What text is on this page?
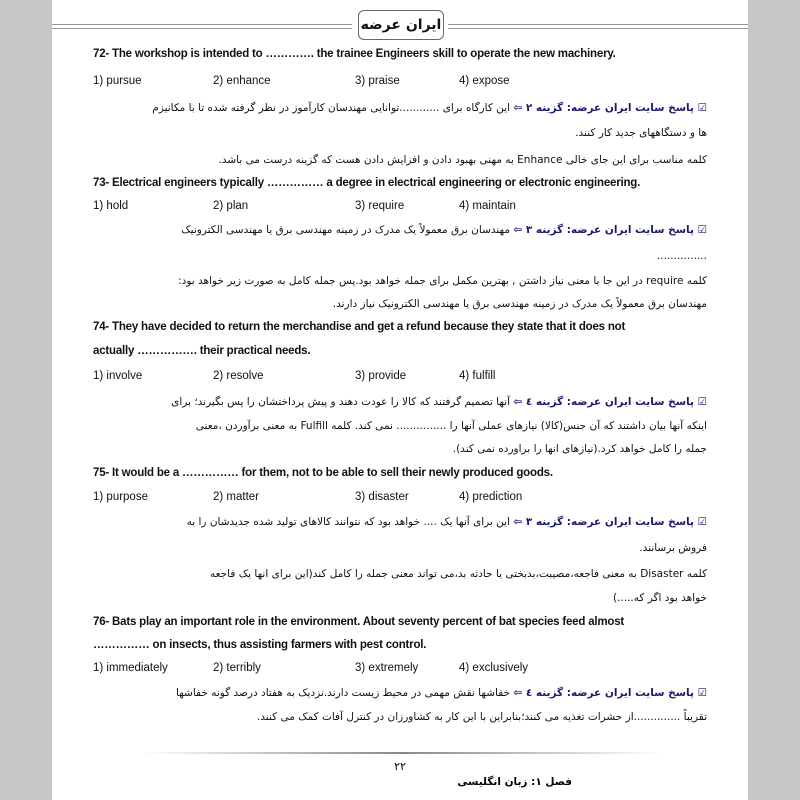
ایران عرضه
72- The workshop is intended to …………. the trainee Engineers skill to operate the new machinery.
1) pursue	2) enhance	3) praise	4) expose
☑ پاسخ سایت ایران عرضه: گزینه ۲ ⇦ این کارگاه برای ............توانایی مهندسان کارآموز در نظر گرفته شده تا با مکانیزم
ها و دستگاههای جدید کار کنند.
کلمه مناسب برای این جای خالی Enhance به مهنی بهبود دادن و افزایش دادن هست که گزینه درست می باشد.
73- Electrical engineers typically …………… a degree in electrical engineering or electronic engineering.
1) hold	2) plan	3) require	4) maintain
☑ پاسخ سایت ایران عرضه: گزینه ۳ ⇦ مهندسان برق معمولاً یک مدرک در زمینه مهندسی برق یا مهندسی الکترونیک
...............
کلمه require در این جا با معنی نیاز داشتن , بهترین مکمل برای جمله خواهد بود.پس جمله کامل به صورت زیر خواهد بود:
مهندسان برق معمولاً یک مدرک در زمینه مهندسی برق یا مهندسی الکترونیک نیاز دارند.
74- They have decided to return the merchandise and get a refund because they state that it does not
actually ……………. their practical needs.
1) involve	2) resolve	3) provide	4) fulfill
☑ پاسخ سایت ایران عرضه: گزینه ٤ ⇦ آنها تصمیم گرفتند که کالا را عودت دهند و پیش پرداختشان را پس بگیرند؛ برای
اینکه آنها بیان داشتند که آن جنس(کالا) نیازهای عملی آنها را ............... نمی کند. کلمه Fulfill به معنی برآوردن ،معنی
جمله را کامل خواهد کرد.(نیازهای انها را براورده نمی کند).
75- It would be a …………… for them, not to be able to sell their newly produced goods.
1) purpose	2) matter	3) disaster	4) prediction
☑ پاسخ سایت ایران عرضه: گزینه ۳ ⇦ این برای آنها یک .... خواهد بود که نتوانند کالاهای تولید شده جدیدشان را به
فروش برسانند.
کلمه Disaster به معنی فاجعه،مصیبت،بدبختی یا حادثه بد،می تواند معنی جمله را کامل کند(این برای انها یک فاجعه
خواهد بود اگر که.....)
76- Bats play an important role in the environment. About seventy percent of bat species feed almost
…………… on insects, thus assisting farmers with pest control.
1) immediately	2) terribly	3) extremely	4) exclusively
☑ پاسخ سایت ایران عرضه: گزینه ٤ ⇦ خفاشها نقش مهمی در محیط زیست دارند.نزدیک به هفتاد درصد گونه خفاشها
تقریباً ..............از حشرات تغذیه می کنند؛بنابراین با این کار به کشاورزان در کنترل آفات کمک می کنند.
۲۲
فصل ۱: زبان انگلیسی
